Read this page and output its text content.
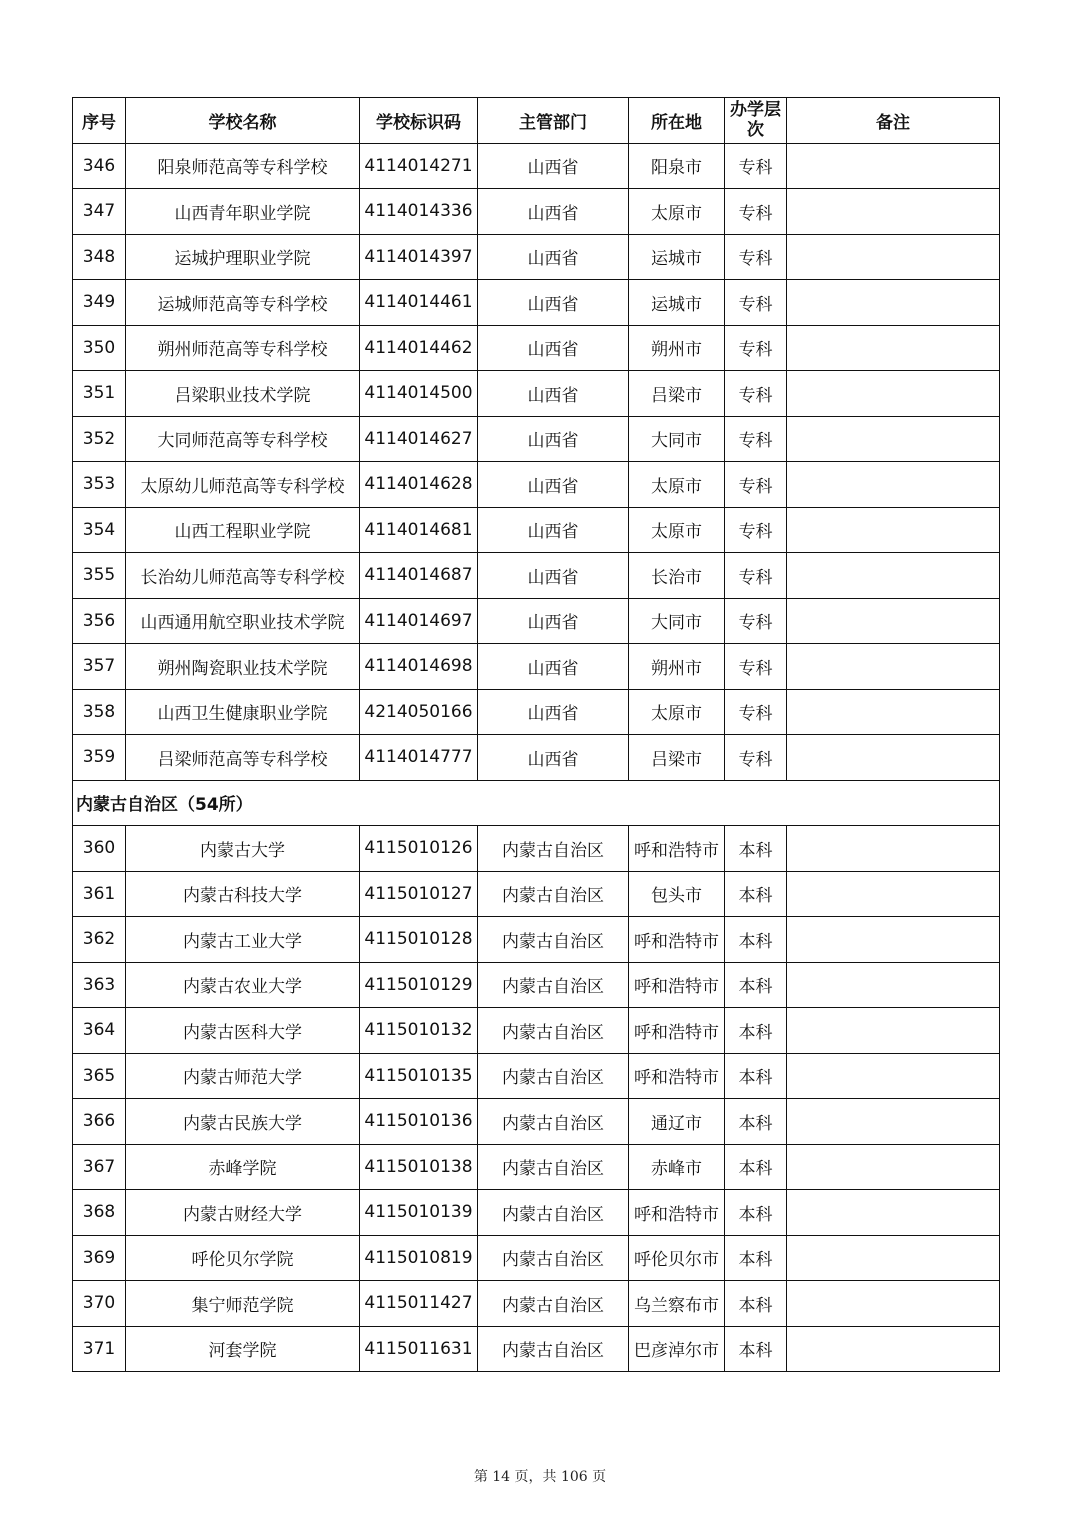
序号	学校名称	学校标识码	主管部门	所在地	办学层次	备注
346	阳泉师范高等专科学校	4114014271	山西省	阳泉市	专科	
347	山西青年职业学院	4114014336	山西省	太原市	专科	
348	运城护理职业学院	4114014397	山西省	运城市	专科	
349	运城师范高等专科学校	4114014461	山西省	运城市	专科	
350	朔州师范高等专科学校	4114014462	山西省	朔州市	专科	
351	吕梁职业技术学院	4114014500	山西省	吕梁市	专科	
352	大同师范高等专科学校	4114014627	山西省	大同市	专科	
353	太原幼儿师范高等专科学校	4114014628	山西省	太原市	专科	
354	山西工程职业学院	4114014681	山西省	太原市	专科	
355	长治幼儿师范高等专科学校	4114014687	山西省	长治市	专科	
356	山西通用航空职业技术学院	4114014697	山西省	大同市	专科	
357	朔州陶瓷职业技术学院	4114014698	山西省	朔州市	专科	
358	山西卫生健康职业学院	4214050166	山西省	太原市	专科	
359	吕梁师范高等专科学校	4114014777	山西省	吕梁市	专科	
内蒙古自治区（54所）						
360	内蒙古大学	4115010126	内蒙古自治区	呼和浩特市	本科	
361	内蒙古科技大学	4115010127	内蒙古自治区	包头市	本科	
362	内蒙古工业大学	4115010128	内蒙古自治区	呼和浩特市	本科	
363	内蒙古农业大学	4115010129	内蒙古自治区	呼和浩特市	本科	
364	内蒙古医科大学	4115010132	内蒙古自治区	呼和浩特市	本科	
365	内蒙古师范大学	4115010135	内蒙古自治区	呼和浩特市	本科	
366	内蒙古民族大学	4115010136	内蒙古自治区	通辽市	本科	
367	赤峰学院	4115010138	内蒙古自治区	赤峰市	本科	
368	内蒙古财经大学	4115010139	内蒙古自治区	呼和浩特市	本科	
369	呼伦贝尔学院	4115010819	内蒙古自治区	呼伦贝尔市	本科	
370	集宁师范学院	4115011427	内蒙古自治区	乌兰察布市	本科	
371	河套学院	4115011631	内蒙古自治区	巴彦淖尔市	本科	
第 14 页，共 106 页
